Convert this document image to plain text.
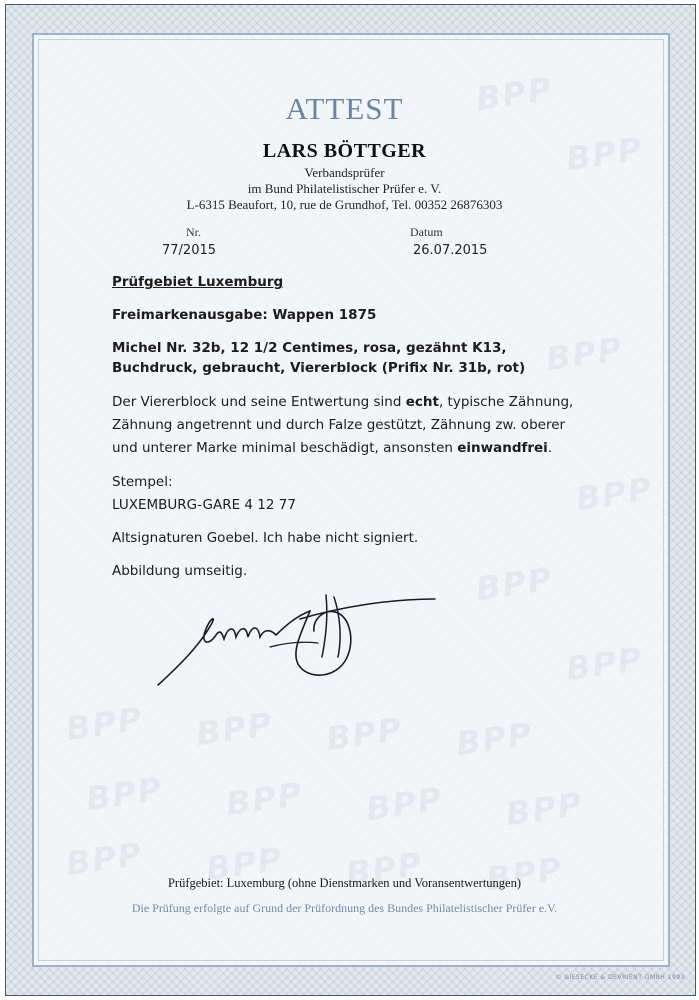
BPP
BPP
BPP
BPP
BPP
BPP
BPP BPP BPP BPP
BPP BPP BPP BPP
BPP BPP BPP BPP
ATTEST
LARS BÖTTGER
Verbandsprüfer
im Bund Philatelistischer Prüfer e. V.
L-6315 Beaufort, 10, rue de Grundhof, Tel. 00352 26876303
Nr.
77/2015
Datum
26.07.2015
Prüfgebiet Luxemburg
Freimarkenausgabe: Wappen 1875
Michel Nr. 32b, 12 1/2 Centimes, rosa, gezähnt K13,
Buchdruck, gebraucht, Viererblock (Prifix Nr. 31b, rot)
Der Viererblock und seine Entwertung sind echt, typische Zähnung,
Zähnung angetrennt und durch Falze gestützt, Zähnung zw. oberer
und unterer Marke minimal beschädigt, ansonsten einwandfrei.
Stempel:
LUXEMBURG-GARE 4 12 77
Altsignaturen Goebel. Ich habe nicht signiert.
Abbildung umseitig.
Prüfgebiet: Luxemburg (ohne Dienstmarken und Voransentwertungen)
Die Prüfung erfolgte auf Grund der Prüfordnung des Bundes Philatelistischer Prüfer e.V.
© GIESECKE & DEVRIENT GMBH 1993
